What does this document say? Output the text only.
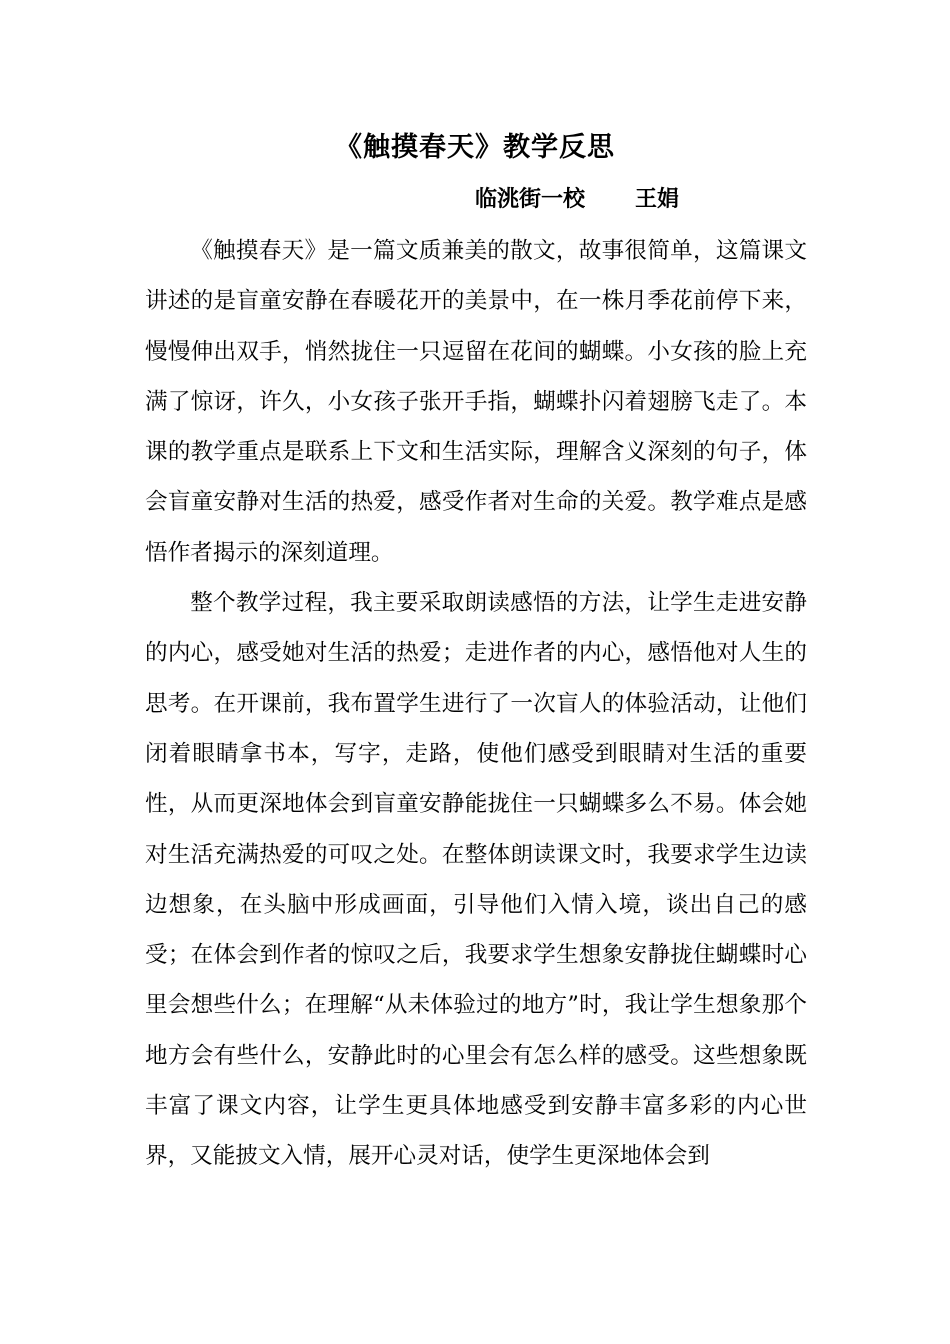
《触摸春天》教学反思
临洮街一校 王娟

《触摸春天》是一篇文质兼美的散文，故事很简单，这篇课文讲述的是盲童安静在春暖花开的美景中，在一株月季花前停下来，慢慢伸出双手，悄然拢住一只逗留在花间的蝴蝶。小女孩的脸上充满了惊讶，许久，小女孩子张开手指，蝴蝶扑闪着翅膀飞走了。本课的教学重点是联系上下文和生活实际，理解含义深刻的句子，体会盲童安静对生活的热爱，感受作者对生命的关爱。教学难点是感悟作者揭示的深刻道理。

整个教学过程，我主要采取朗读感悟的方法，让学生走进安静的内心，感受她对生活的热爱；走进作者的内心，感悟他对人生的思考。在开课前，我布置学生进行了一次盲人的体验活动，让他们闭着眼睛拿书本，写字，走路，使他们感受到眼睛对生活的重要性，从而更深地体会到盲童安静能拢住一只蝴蝶多么不易。体会她对生活充满热爱的可叹之处。在整体朗读课文时，我要求学生边读边想象，在头脑中形成画面，引导他们入情入境，谈出自己的感受；在体会到作者的惊叹之后，我要求学生想象安静拢住蝴蝶时心里会想些什么；在理解“从未体验过的地方”时，我让学生想象那个地方会有些什么，安静此时的心里会有怎么样的感受。这些想象既丰富了课文内容，让学生更具体地感受到安静丰富多彩的内心世界，又能披文入情，展开心灵对话，使学生更深地体会到
